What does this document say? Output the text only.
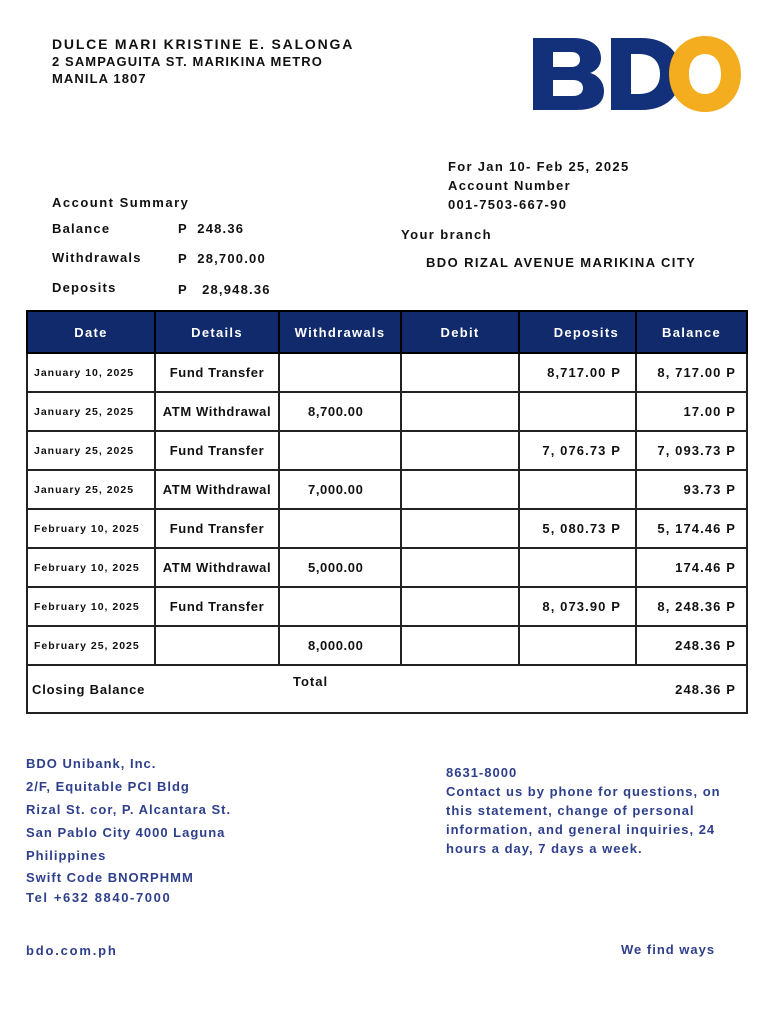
DULCE MARI KRISTINE E. SALONGA
2 SAMPAGUITA ST. MARIKINA METRO
MANILA 1807
For Jan 10- Feb 25, 2025
Account Number
001-7503-667-90
Your branch
BDO RIZAL AVENUE MARIKINA CITY
Account Summary
Balance	P  248.36
Withdrawals	P  28,700.00
Deposits	P   28,948.36
Date	Details	Withdrawals	Debit	Deposits	Balance
January 10, 2025	Fund Transfer			8,717.00 P	8, 717.00 P
January 25, 2025	ATM Withdrawal	8,700.00			17.00 P
January 25, 2025	Fund Transfer			7, 076.73 P	7, 093.73 P
January 25, 2025	ATM Withdrawal	7,000.00			93.73 P
February 10, 2025	Fund Transfer			5, 080.73 P	5, 174.46 P
February 10, 2025	ATM Withdrawal	5,000.00			174.46 P
February 10, 2025	Fund Transfer			8, 073.90 P	8, 248.36 P
February 25, 2025		8,000.00			248.36 P
Closing Balance		Total			248.36 P
BDO Unibank, Inc.
2/F, Equitable PCI Bldg
Rizal St. cor, P. Alcantara St.
San Pablo City 4000 Laguna
Philippines
Swift Code BNORPHMM
Tel +632 8840-7000
8631-8000
Contact us by phone for questions, on
this statement, change of personal
information, and general inquiries, 24
hours a day, 7 days a week.
bdo.com.ph	We find ways
